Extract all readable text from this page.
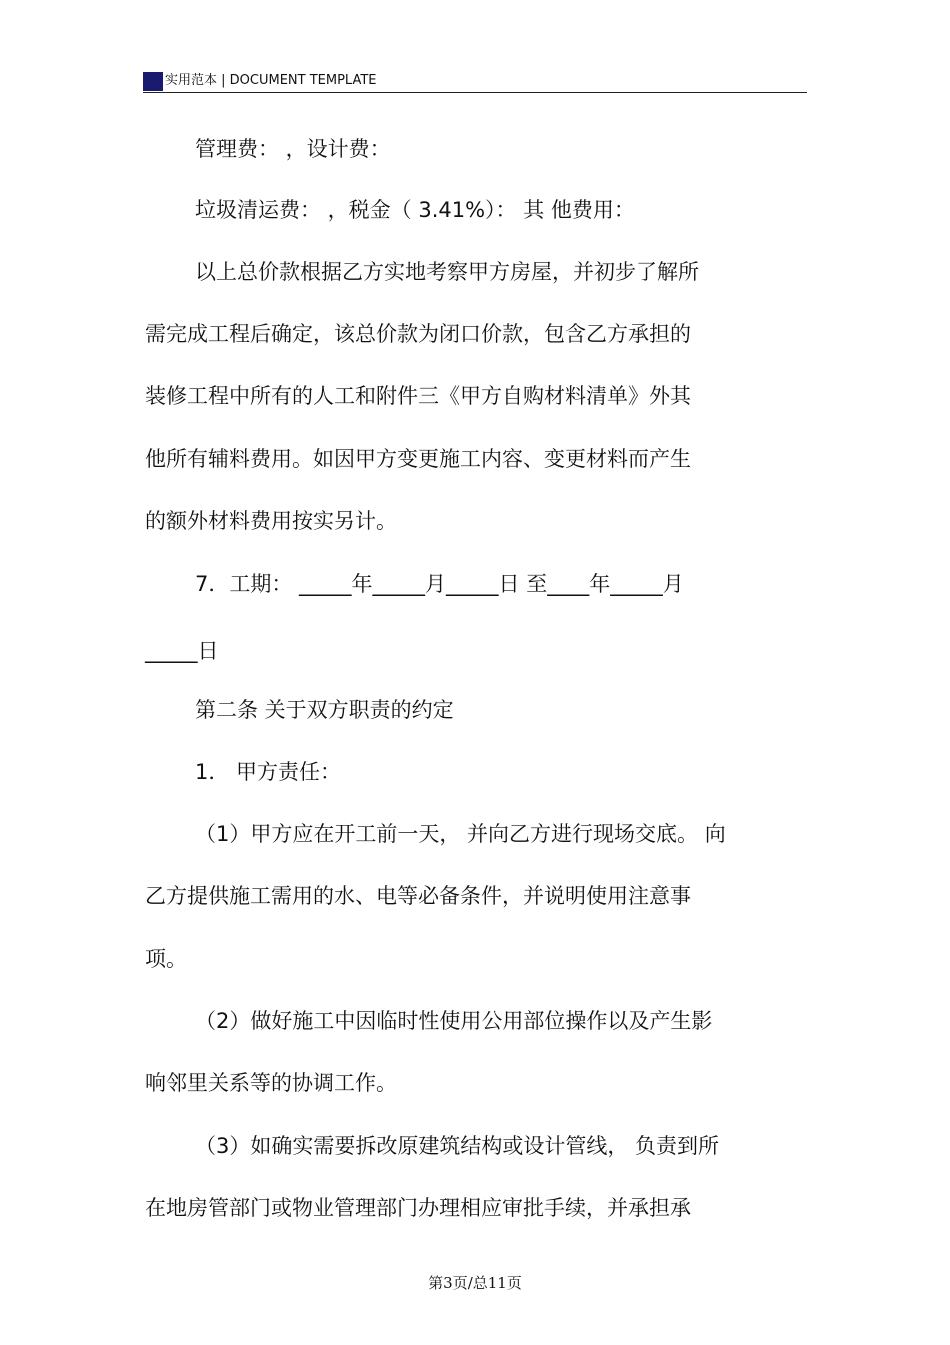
实用范本 | DOCUMENT TEMPLATE
管理费： ，设计费：
垃圾清运费： ，税金（ 3.41%）： 其 他费用：
以上总价款根据乙方实地考察甲方房屋，并初步了解所
需完成工程后确定，该总价款为闭口价款，包含乙方承担的
装修工程中所有的人工和附件三《甲方自购材料清单》外其
他所有辅料费用。如因甲方变更施工内容、变更材料而产生
的额外材料费用按实另计。
7．工期： _____年_____月_____日 至____年_____月
_____日
第二条 关于双方职责的约定
1． 甲方责任：
（1）甲方应在开工前一天， 并向乙方进行现场交底。 向
乙方提供施工需用的水、电等必备条件，并说明使用注意事
项。
（2）做好施工中因临时性使用公用部位操作以及产生影
响邻里关系等的协调工作。
（3）如确实需要拆改原建筑结构或设计管线， 负责到所
在地房管部门或物业管理部门办理相应审批手续，并承担承
第3页/总11页
